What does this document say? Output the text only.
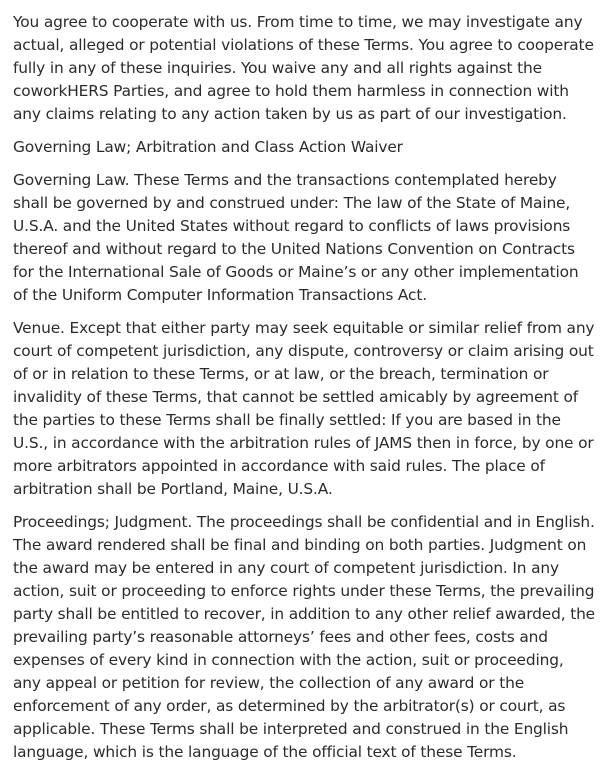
You agree to cooperate with us. From time to time, we may investigate any actual, alleged or potential violations of these Terms. You agree to cooperate fully in any of these inquiries. You waive any and all rights against the coworkHERS Parties, and agree to hold them harmless in connection with any claims relating to any action taken by us as part of our investigation.

Governing Law; Arbitration and Class Action Waiver

Governing Law. These Terms and the transactions contemplated hereby shall be governed by and construed under: The law of the State of Maine, U.S.A. and the United States without regard to conflicts of laws provisions thereof and without regard to the United Nations Convention on Contracts for the International Sale of Goods or Maine’s or any other implementation of the Uniform Computer Information Transactions Act.

Venue. Except that either party may seek equitable or similar relief from any court of competent jurisdiction, any dispute, controversy or claim arising out of or in relation to these Terms, or at law, or the breach, termination or invalidity of these Terms, that cannot be settled amicably by agreement of the parties to these Terms shall be finally settled: If you are based in the U.S., in accordance with the arbitration rules of JAMS then in force, by one or more arbitrators appointed in accordance with said rules. The place of arbitration shall be Portland, Maine, U.S.A.

Proceedings; Judgment. The proceedings shall be confidential and in English. The award rendered shall be final and binding on both parties. Judgment on the award may be entered in any court of competent jurisdiction. In any action, suit or proceeding to enforce rights under these Terms, the prevailing party shall be entitled to recover, in addition to any other relief awarded, the prevailing party’s reasonable attorneys’ fees and other fees, costs and expenses of every kind in connection with the action, suit or proceeding, any appeal or petition for review, the collection of any award or the enforcement of any order, as determined by the arbitrator(s) or court, as applicable. These Terms shall be interpreted and construed in the English language, which is the language of the official text of these Terms.
